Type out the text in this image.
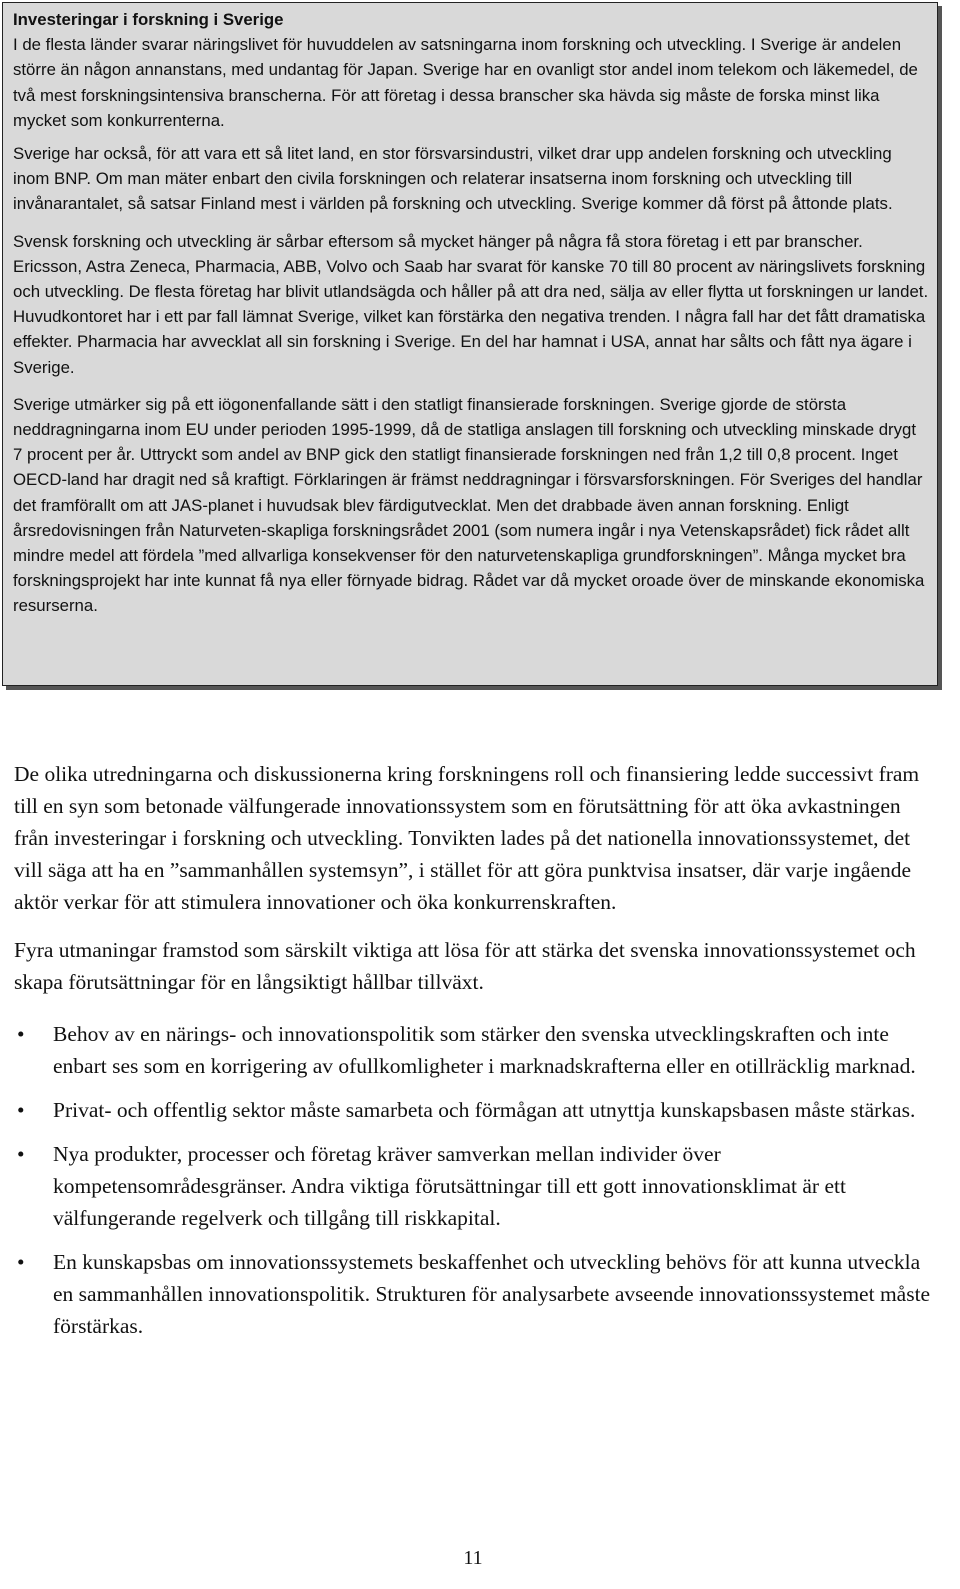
Investeringar i forskning i Sverige

I de flesta länder svarar näringslivet för huvuddelen av satsningarna inom forskning och utveckling. I Sverige är andelen större än någon annanstans, med undantag för Japan. Sverige har en ovanligt stor andel inom telekom och läkemedel, de två mest forskningsintensiva branscherna. För att företag i dessa branscher ska hävda sig måste de forska minst lika mycket som konkurrenterna.

Sverige har också, för att vara ett så litet land, en stor försvarsindustri, vilket drar upp andelen forskning och utveckling inom BNP. Om man mäter enbart den civila forskningen och relaterar insatserna inom forskning och utveckling till invånarantalet, så satsar Finland mest i världen på forskning och utveckling. Sverige kommer då först på åttonde plats.

Svensk forskning och utveckling är sårbar eftersom så mycket hänger på några få stora företag i ett par branscher. Ericsson, Astra Zeneca, Pharmacia, ABB, Volvo och Saab har svarat för kanske 70 till 80 procent av näringslivets forskning och utveckling. De flesta företag har blivit utlandsägda och håller på att dra ned, sälja av eller flytta ut forskningen ur landet. Huvudkontoret har i ett par fall lämnat Sverige, vilket kan förstärka den negativa trenden. I några fall har det fått dramatiska effekter. Pharmacia har avvecklat all sin forskning i Sverige. En del har hamnat i USA, annat har sålts och fått nya ägare i Sverige.

Sverige utmärker sig på ett iögonenfallande sätt i den statligt finansierade forskningen. Sverige gjorde de största neddragningarna inom EU under perioden 1995-1999, då de statliga anslagen till forskning och utveckling minskade drygt 7 procent per år. Uttryckt som andel av BNP gick den statligt finansierade forskningen ned från 1,2 till 0,8 procent. Inget OECD-land har dragit ned så kraftigt. Förklaringen är främst neddragningar i försvarsforskningen. För Sveriges del handlar det framförallt om att JAS-planet i huvudsak blev färdigutvecklat. Men det drabbade även annan forskning. Enligt årsredovisningen från Naturveten-skapliga forskningsrådet 2001 (som numera ingår i nya Vetenskapsrådet) fick rådet allt mindre medel att fördela ”med allvarliga konsekvenser för den naturvetenskapliga grundforskningen”. Många mycket bra forskningsprojekt har inte kunnat få nya eller förnyade bidrag. Rådet var då mycket oroade över de minskande ekonomiska resurserna.

De olika utredningarna och diskussionerna kring forskningens roll och finansiering ledde successivt fram till en syn som betonade välfungerade innovationssystem som en förutsättning för att öka avkastningen från investeringar i forskning och utveckling. Tonvikten lades på det nationella innovationssystemet, det vill säga att ha en ”sammanhållen systemsyn”, i stället för att göra punktvisa insatser, där varje ingående aktör verkar för att stimulera innovationer och öka konkurrenskraften.

Fyra utmaningar framstod som särskilt viktiga att lösa för att stärka det svenska innovationssystemet och skapa förutsättningar för en långsiktigt hållbar tillväxt.

• Behov av en närings- och innovationspolitik som stärker den svenska utvecklingskraften och inte enbart ses som en korrigering av ofullkomligheter i marknadskrafterna eller en otillräcklig marknad.
• Privat- och offentlig sektor måste samarbeta och förmågan att utnyttja kunskapsbasen måste stärkas.
• Nya produkter, processer och företag kräver samverkan mellan individer över kompetensområdesgränser. Andra viktiga förutsättningar till ett gott innovationsklimat är ett välfungerande regelverk och tillgång till riskkapital.
• En kunskapsbas om innovationssystemets beskaffenhet och utveckling behövs för att kunna utveckla en sammanhållen innovationspolitik. Strukturen för analysarbete avseende innovationssystemet måste förstärkas.
11
